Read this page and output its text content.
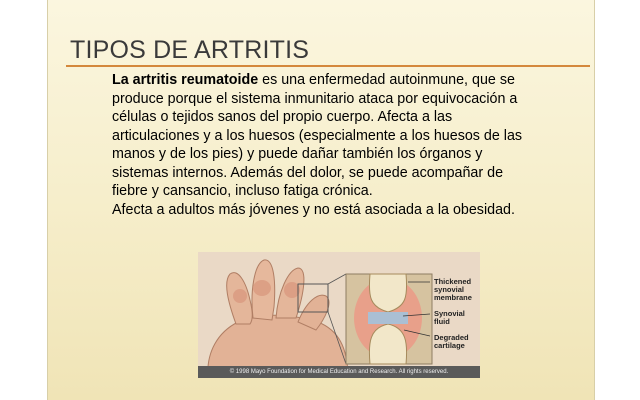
TIPOS DE ARTRITIS

La artritis reumatoide es una enfermedad autoinmune, que se produce porque el sistema inmunitario ataca por equivocación a células o tejidos sanos del propio cuerpo. Afecta a las articulaciones y a los huesos (especialmente a los huesos de las manos y de los pies) y puede dañar también los órganos y sistemas internos. Además del dolor, se puede acompañar de fiebre y cansancio, incluso fatiga crónica.

Afecta a adultos más jóvenes y no está asociada a la obesidad.

Thickened
synovial
membrane
Synovial
fluid
Degraded
cartilage
© 1998 Mayo Foundation for Medical Education and Research. All rights reserved.
